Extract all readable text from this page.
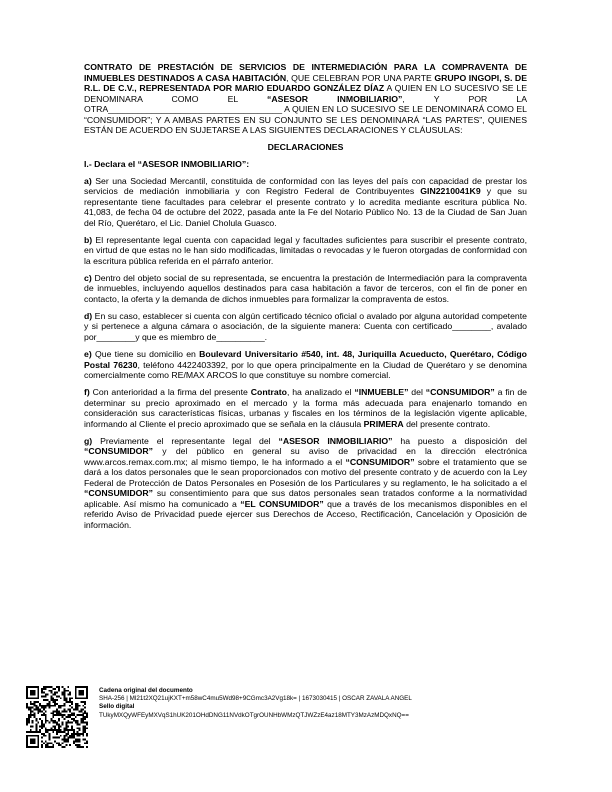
CONTRATO DE PRESTACIÓN DE SERVICIOS DE INTERMEDIACIÓN PARA LA COMPRAVENTA DE INMUEBLES DESTINADOS A CASA HABITACIÓN, QUE CELEBRAN POR UNA PARTE GRUPO INGOPI, S. DE R.L. DE C.V., REPRESENTADA POR MARIO EDUARDO GONZÁLEZ DÍAZ A QUIEN EN LO SUCESIVO SE LE DENOMINARA COMO EL “ASESOR INMOBILIARIO”, Y POR LA OTRA____________________________________ A QUIEN EN LO SUCESIVO SE LE DENOMINARÁ COMO EL “CONSUMIDOR”; Y A AMBAS PARTES EN SU CONJUNTO SE LES DENOMINARÁ “LAS PARTES”, QUIENES ESTÁN DE ACUERDO EN SUJETARSE A LAS SIGUIENTES DECLARACIONES Y CLÁUSULAS:

DECLARACIONES

I.- Declara el “ASESOR INMOBILIARIO”:

a) Ser una Sociedad Mercantil, constituida de conformidad con las leyes del país con capacidad de prestar los servicios de mediación inmobiliaria y con Registro Federal de Contribuyentes GIN2210041K9 y que su representante tiene facultades para celebrar el presente contrato y lo acredita mediante escritura pública No. 41,083, de fecha 04 de octubre del 2022, pasada ante la Fe del Notario Público No. 13 de la Ciudad de San Juan del Río, Querétaro, el Lic. Daniel Cholula Guasco.

b) El representante legal cuenta con capacidad legal y facultades suficientes para suscribir el presente contrato, en virtud de que estas no le han sido modificadas, limitadas o revocadas y le fueron otorgadas de conformidad con la escritura pública referida en el párrafo anterior.

c) Dentro del objeto social de su representada, se encuentra la prestación de Intermediación para la compraventa de inmuebles, incluyendo aquellos destinados para casa habitación a favor de terceros, con el fin de poner en contacto, la oferta y la demanda de dichos inmuebles para formalizar la compraventa de estos.

d) En su caso, establecer si cuenta con algún certificado técnico oficial o avalado por alguna autoridad competente y si pertenece a alguna cámara o asociación, de la siguiente manera: Cuenta con certificado________, avalado por________y que es miembro de__________.

e) Que tiene su domicilio en Boulevard Universitario #540, int. 48, Juriquilla Acueducto, Querétaro, Código Postal 76230, teléfono 4422403392, por lo que opera principalmente en la Ciudad de Querétaro y se denomina comercialmente como RE/MAX ARCOS lo que constituye su nombre comercial.

f) Con anterioridad a la firma del presente Contrato, ha analizado el “INMUEBLE” del “CONSUMIDOR” a fin de determinar su precio aproximado en el mercado y la forma más adecuada para enajenarlo tomando en consideración sus características físicas, urbanas y fiscales en los términos de la legislación vigente aplicable, informando al Cliente el precio aproximado que se señala en la cláusula PRIMERA del presente contrato.

g) Previamente el representante legal del “ASESOR INMOBILIARIO” ha puesto a disposición del “CONSUMIDOR” y del público en general su aviso de privacidad en la dirección electrónica www.arcos.remax.com.mx; al mismo tiempo, le ha informado a el “CONSUMIDOR” sobre el tratamiento que se dará a los datos personales que le sean proporcionados con motivo del presente contrato y de acuerdo con la Ley Federal de Protección de Datos Personales en Posesión de los Particulares y su reglamento, le ha solicitado a el “CONSUMIDOR” su consentimiento para que sus datos personales sean tratados conforme a la normatividad aplicable. Así mismo ha comunicado a “EL CONSUMIDOR” que a través de los mecanismos disponibles en el referido Aviso de Privacidad puede ejercer sus Derechos de Acceso, Rectificación, Cancelación y Oposición de información.

Cadena original del documento
SHA-256 | Ml21t2XQ21ujKXT+m58wC4mu5Wd98+9CGmc3A2Vg18k= | 1673030415 | OSCAR ZAVALA ANGEL
Sello digital
TUkyMXQyWFEyMXVqS1hUK201OHdDNG11NVdkOTgrOUNHbWMzQTJWZzE4az18MTY3MzAzMDQxNQ==
